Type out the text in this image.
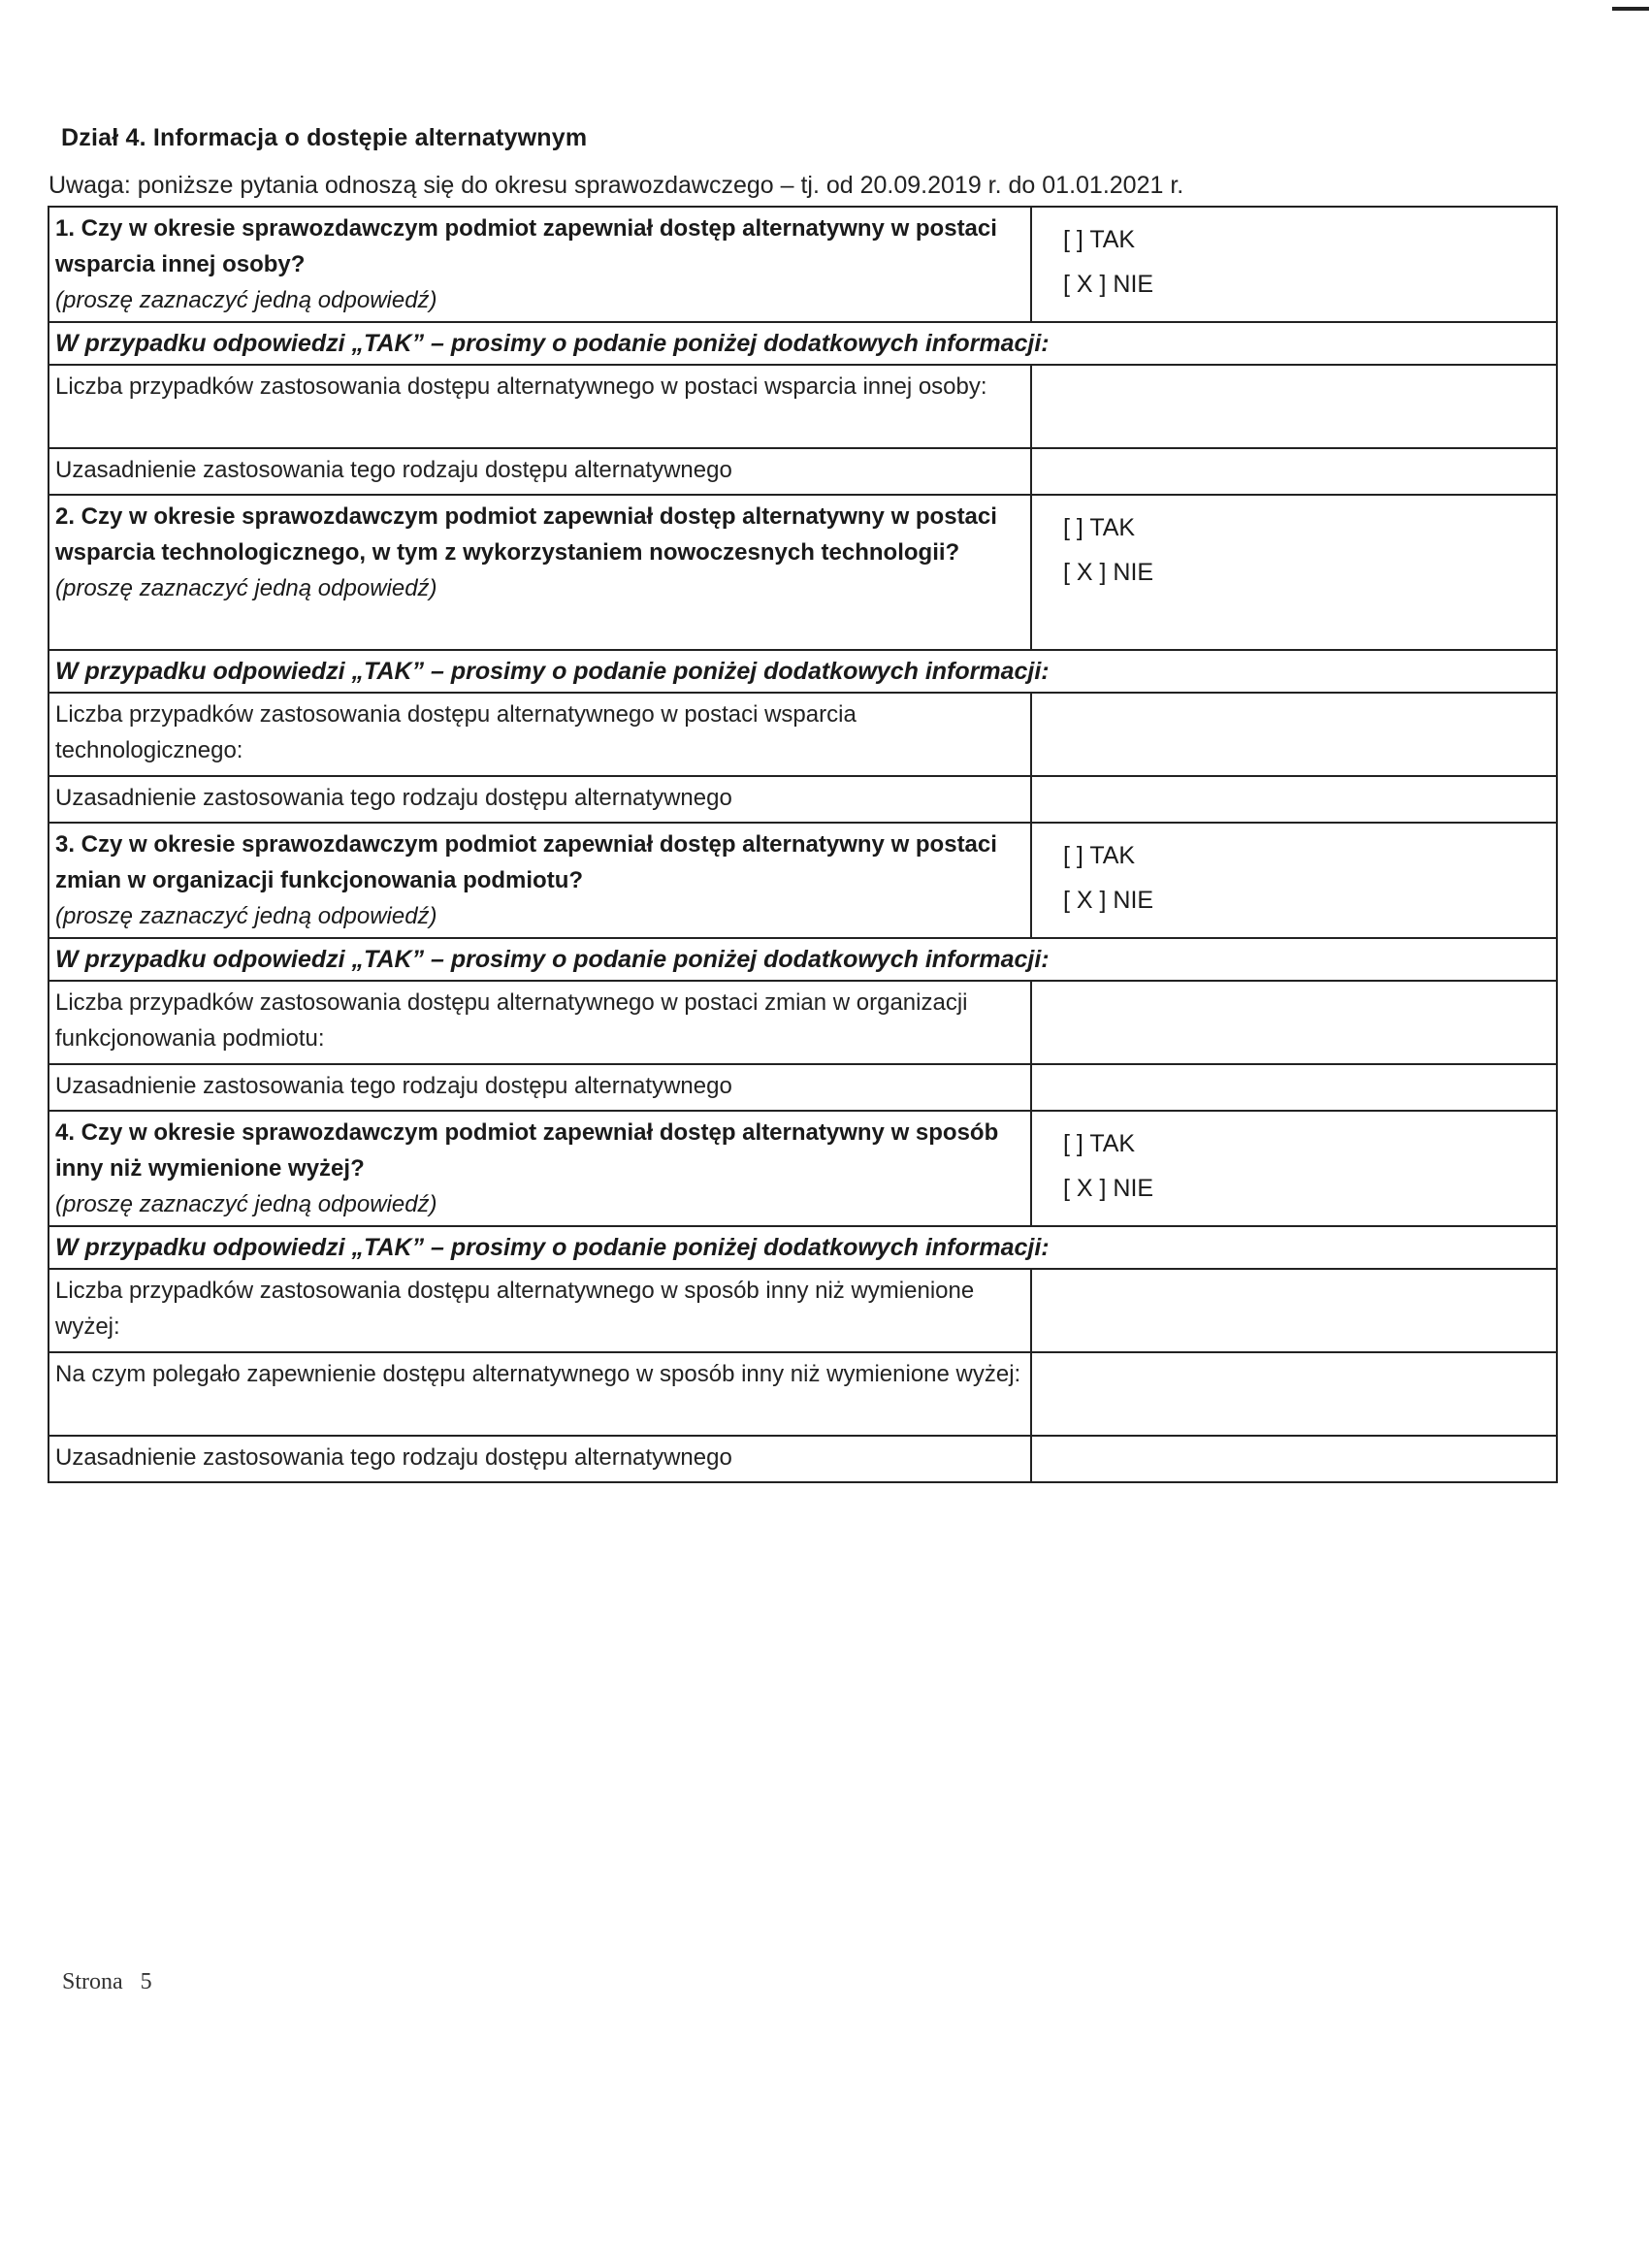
Dział 4. Informacja o dostępie alternatywnym
Uwaga: poniższe pytania odnoszą się do okresu sprawozdawczego – tj. od 20.09.2019 r. do 01.01.2021 r.
1. Czy w okresie sprawozdawczym podmiot zapewniał dostęp alternatywny w postaci wsparcia innej osoby?
(proszę zaznaczyć jedną odpowiedź)	[ ] TAK
[ X ] NIE

W przypadku odpowiedzi „TAK” – prosimy o podanie poniżej dodatkowych informacji:	
Liczba przypadków zastosowania dostępu alternatywnego w postaci wsparcia innej osoby:	
Uzasadnienie zastosowania tego rodzaju dostępu alternatywnego	

2. Czy w okresie sprawozdawczym podmiot zapewniał dostęp alternatywny w postaci wsparcia technologicznego, w tym z wykorzystaniem nowoczesnych technologii?
(proszę zaznaczyć jedną odpowiedź)	[ ] TAK
[ X ] NIE

W przypadku odpowiedzi „TAK” – prosimy o podanie poniżej dodatkowych informacji:	
Liczba przypadków zastosowania dostępu alternatywnego w postaci wsparcia technologicznego:	
Uzasadnienie zastosowania tego rodzaju dostępu alternatywnego	

3. Czy w okresie sprawozdawczym podmiot zapewniał dostęp alternatywny w postaci zmian w organizacji funkcjonowania podmiotu?
(proszę zaznaczyć jedną odpowiedź)	[ ] TAK
[ X ] NIE

W przypadku odpowiedzi „TAK” – prosimy o podanie poniżej dodatkowych informacji:	
Liczba przypadków zastosowania dostępu alternatywnego w postaci zmian w organizacji funkcjonowania podmiotu:	
Uzasadnienie zastosowania tego rodzaju dostępu alternatywnego	

4. Czy w okresie sprawozdawczym podmiot zapewniał dostęp alternatywny w sposób inny niż wymienione wyżej?
(proszę zaznaczyć jedną odpowiedź)	[ ] TAK
[ X ] NIE

W przypadku odpowiedzi „TAK” – prosimy o podanie poniżej dodatkowych informacji:	
Liczba przypadków zastosowania dostępu alternatywnego w sposób inny niż wymienione wyżej:	
Na czym polegało zapewnienie dostępu alternatywnego w sposób inny niż wymienione wyżej:	
Uzasadnienie zastosowania tego rodzaju dostępu alternatywnego	
Strona 5
